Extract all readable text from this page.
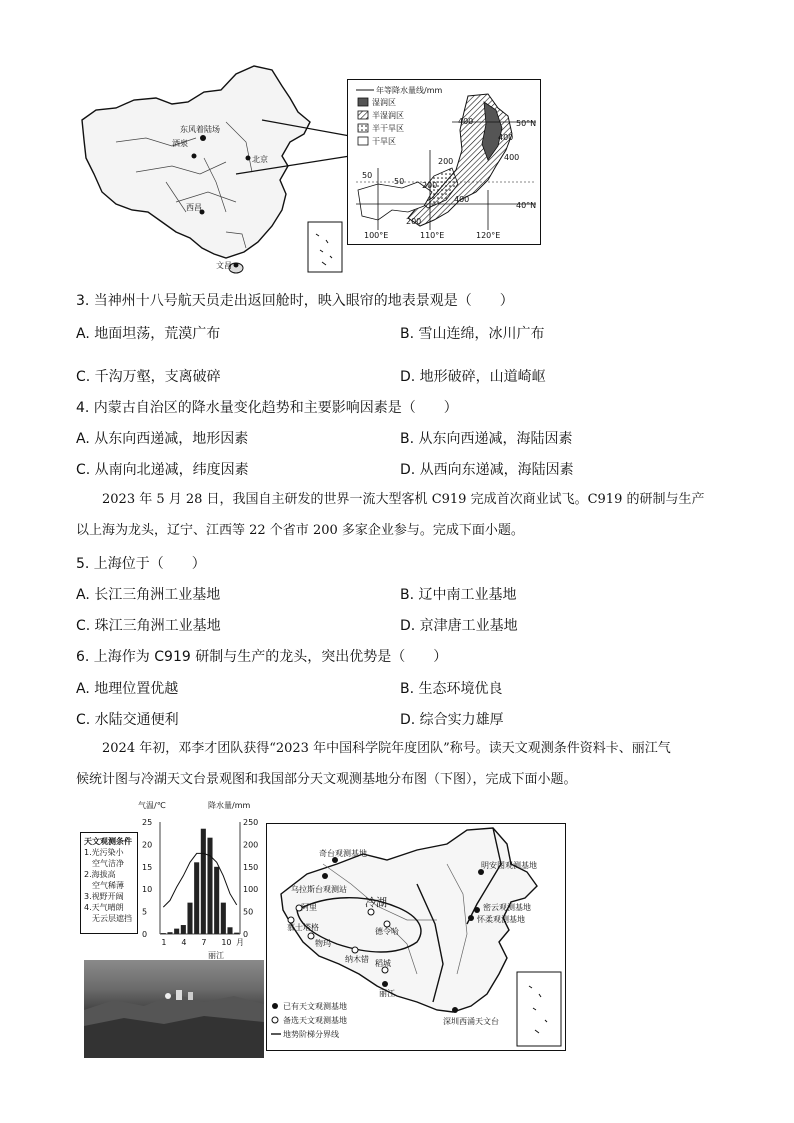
东风着陆场
酒泉
北京
西昌
文昌
年等降水量线/mm
湿润区
半湿润区
半干旱区
干旱区
400
400
400
400
200
200
200
50
50
50°N
40°N
100°E	110°E	120°E
3. 当神州十八号航天员走出返回舱时，映入眼帘的地表景观是（　　）
A. 地面坦荡，荒漠广布	B. 雪山连绵，冰川广布
C. 千沟万壑，支离破碎	D. 地形破碎，山道崎岖
4. 内蒙古自治区的降水量变化趋势和主要影响因素是（　　）
A. 从东向西递减，地形因素	B. 从东向西递减，海陆因素
C. 从南向北递减，纬度因素	D. 从西向东递减，海陆因素
2023 年 5 月 28 日，我国自主研发的世界一流大型客机 C919 完成首次商业试飞。C919 的研制与生产
以上海为龙头，辽宁、江西等 22 个省市 200 多家企业参与。完成下面小题。
5. 上海位于（　　）
A. 长江三角洲工业基地	B. 辽中南工业基地
C. 珠江三角洲工业基地	D. 京津唐工业基地
6. 上海作为 C919 研制与生产的龙头，突出优势是（　　）
A. 地理位置优越	B. 生态环境优良
C. 水陆交通便利	D. 综合实力雄厚
2024 年初，邓李才团队获得“2023 年中国科学院年度团队”称号。读天文观测条件资料卡、丽江气
候统计图与冷湖天文台景观图和我国部分天文观测基地分布图（下图），完成下面小题。
天文观测条件
1.光污染小
空气洁净
2.海拔高
空气稀薄
3.视野开阔
4.天气晴朗
无云层遮挡
气温/℃	降水量/mm
25
20
15
10
5
0
250
200
150
100
50
0
1 4 7 10 月
丽江
奇台观测基地
乌拉斯台观测站
阿里
慕士塔格
物玛
冷湖
德令哈
纳木错 稻城
丽江
明安图观测基地
密云观测基地
怀柔观测基地
深圳西涌天文台
已有天文观测基地
备选天文观测基地
地势阶梯分界线
